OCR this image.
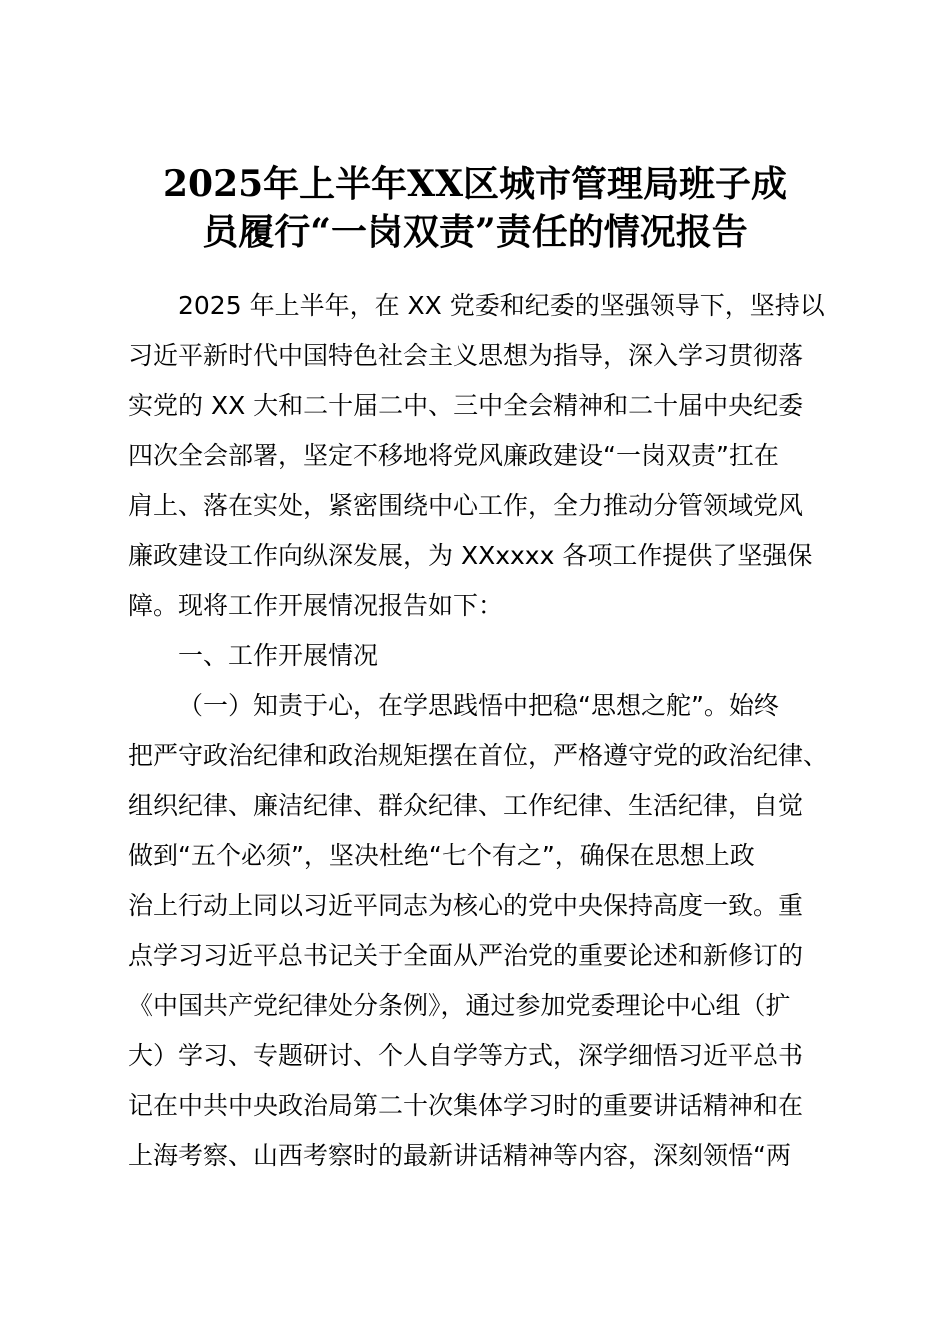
2025年上半年XX区城市管理局班子成
员履行“一岗双责”责任的情况报告
2025 年上半年，在 XX 党委和纪委的坚强领导下，坚持以
习近平新时代中国特色社会主义思想为指导，深入学习贯彻落
实党的 XX 大和二十届二中、三中全会精神和二十届中央纪委
四次全会部署，坚定不移地将党风廉政建设“一岗双责”扛在
肩上、落在实处，紧密围绕中心工作，全力推动分管领域党风
廉政建设工作向纵深发展，为 XXxxxx 各项工作提供了坚强保
障。现将工作开展情况报告如下：
一、工作开展情况
（一）知责于心，在学思践悟中把稳“思想之舵”。始终
把严守政治纪律和政治规矩摆在首位，严格遵守党的政治纪律、
组织纪律、廉洁纪律、群众纪律、工作纪律、生活纪律，自觉
做到“五个必须”，坚决杜绝“七个有之”，确保在思想上政
治上行动上同以习近平同志为核心的党中央保持高度一致。重
点学习习近平总书记关于全面从严治党的重要论述和新修订的
《中国共产党纪律处分条例》，通过参加党委理论中心组（扩
大）学习、专题研讨、个人自学等方式，深学细悟习近平总书
记在中共中央政治局第二十次集体学习时的重要讲话精神和在
上海考察、山西考察时的最新讲话精神等内容，深刻领悟“两
